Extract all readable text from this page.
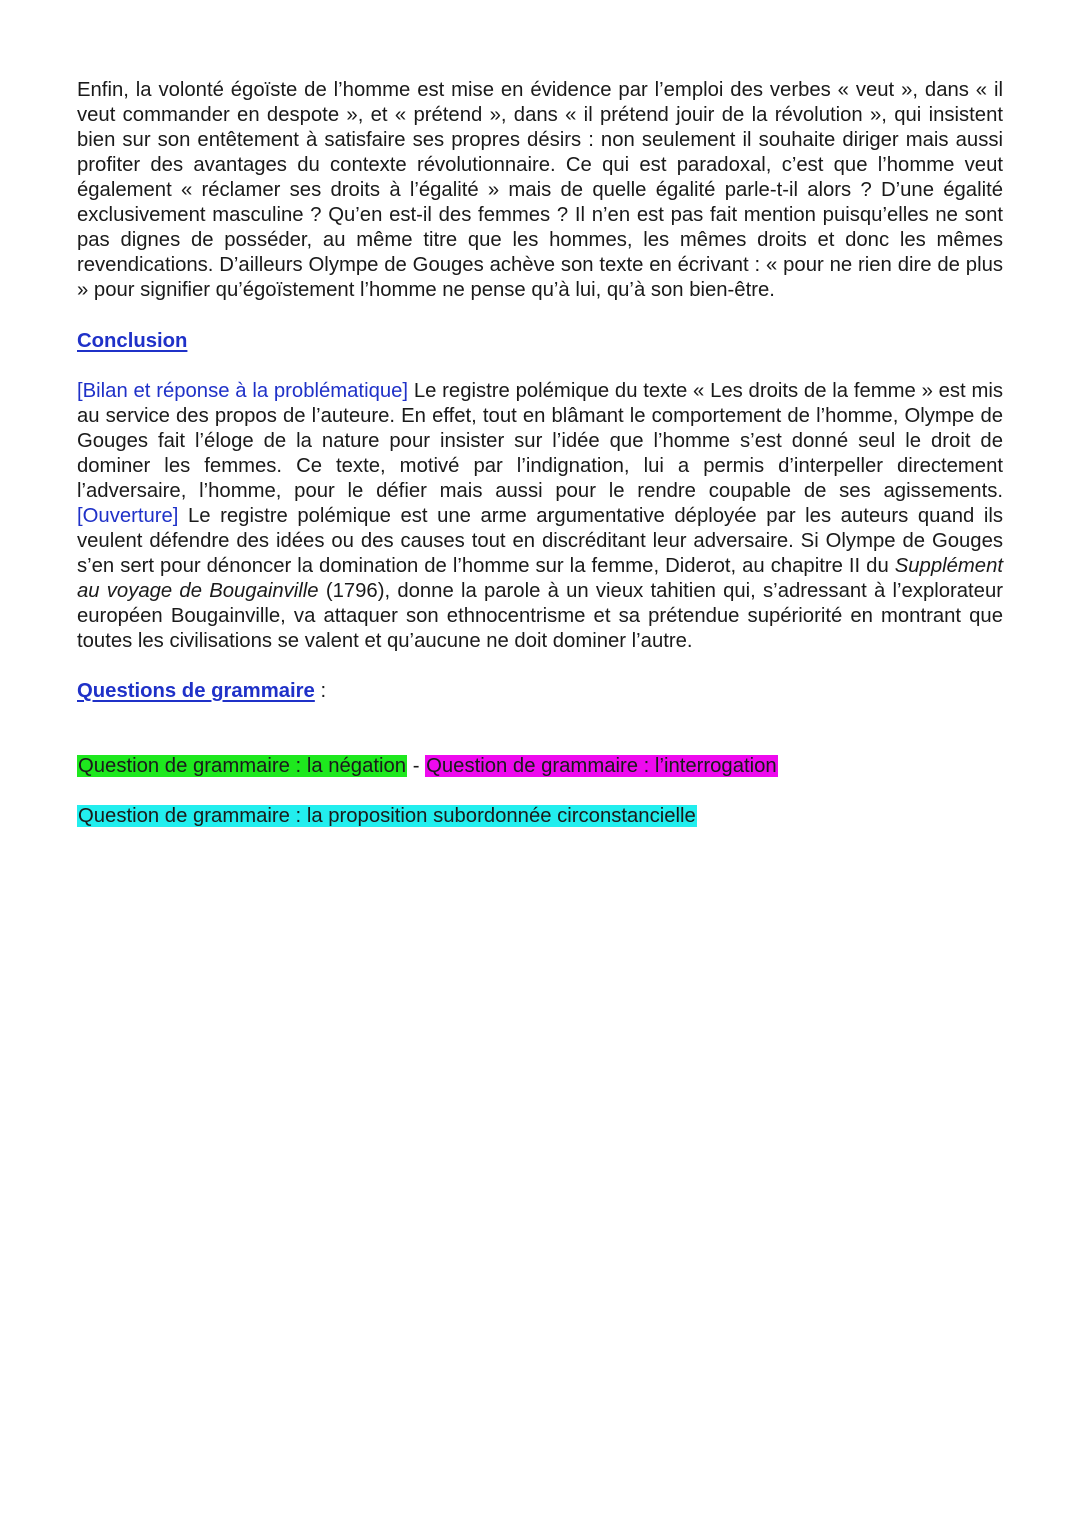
Enfin, la volonté égoïste de l’homme est mise en évidence par l’emploi des verbes « veut », dans « il veut commander en despote », et « prétend », dans « il prétend jouir de la révolution », qui insistent bien sur son entêtement à satisfaire ses propres désirs : non seulement il souhaite diriger mais aussi profiter des avantages du contexte révolutionnaire. Ce qui est paradoxal, c’est que l’homme veut également « réclamer ses droits à l’égalité » mais de quelle égalité parle-t-il alors ? D’une égalité exclusivement masculine ? Qu’en est-il des femmes ? Il n’en est pas fait mention puisqu’elles ne sont pas dignes de posséder, au même titre que les hommes, les mêmes droits et donc les mêmes revendications. D’ailleurs Olympe de Gouges achève son texte en écrivant : « pour ne rien dire de plus » pour signifier qu’égoïstement l’homme ne pense qu’à lui, qu’à son bien-être.

Conclusion

[Bilan et réponse à la problématique] Le registre polémique du texte « Les droits de la femme » est mis au service des propos de l’auteure. En effet, tout en blâmant le comportement de l’homme, Olympe de Gouges fait l’éloge de la nature pour insister sur l’idée que l’homme s’est donné seul le droit de dominer les femmes. Ce texte, motivé par l’indignation, lui a permis d’interpeller directement l’adversaire, l’homme, pour le défier mais aussi pour le rendre coupable de ses agissements. [Ouverture] Le registre polémique est une arme argumentative déployée par les auteurs quand ils veulent défendre des idées ou des causes tout en discréditant leur adversaire. Si Olympe de Gouges s’en sert pour dénoncer la domination de l’homme sur la femme, Diderot, au chapitre II du Supplément au voyage de Bougainville (1796), donne la parole à un vieux tahitien qui, s’adressant à l’explorateur européen Bougainville, va attaquer son ethnocentrisme et sa prétendue supériorité en montrant que toutes les civilisations se valent et qu’aucune ne doit dominer l’autre.

Questions de grammaire :

Question de grammaire : la négation - Question de grammaire : l’interrogation

Question de grammaire : la proposition subordonnée circonstancielle
